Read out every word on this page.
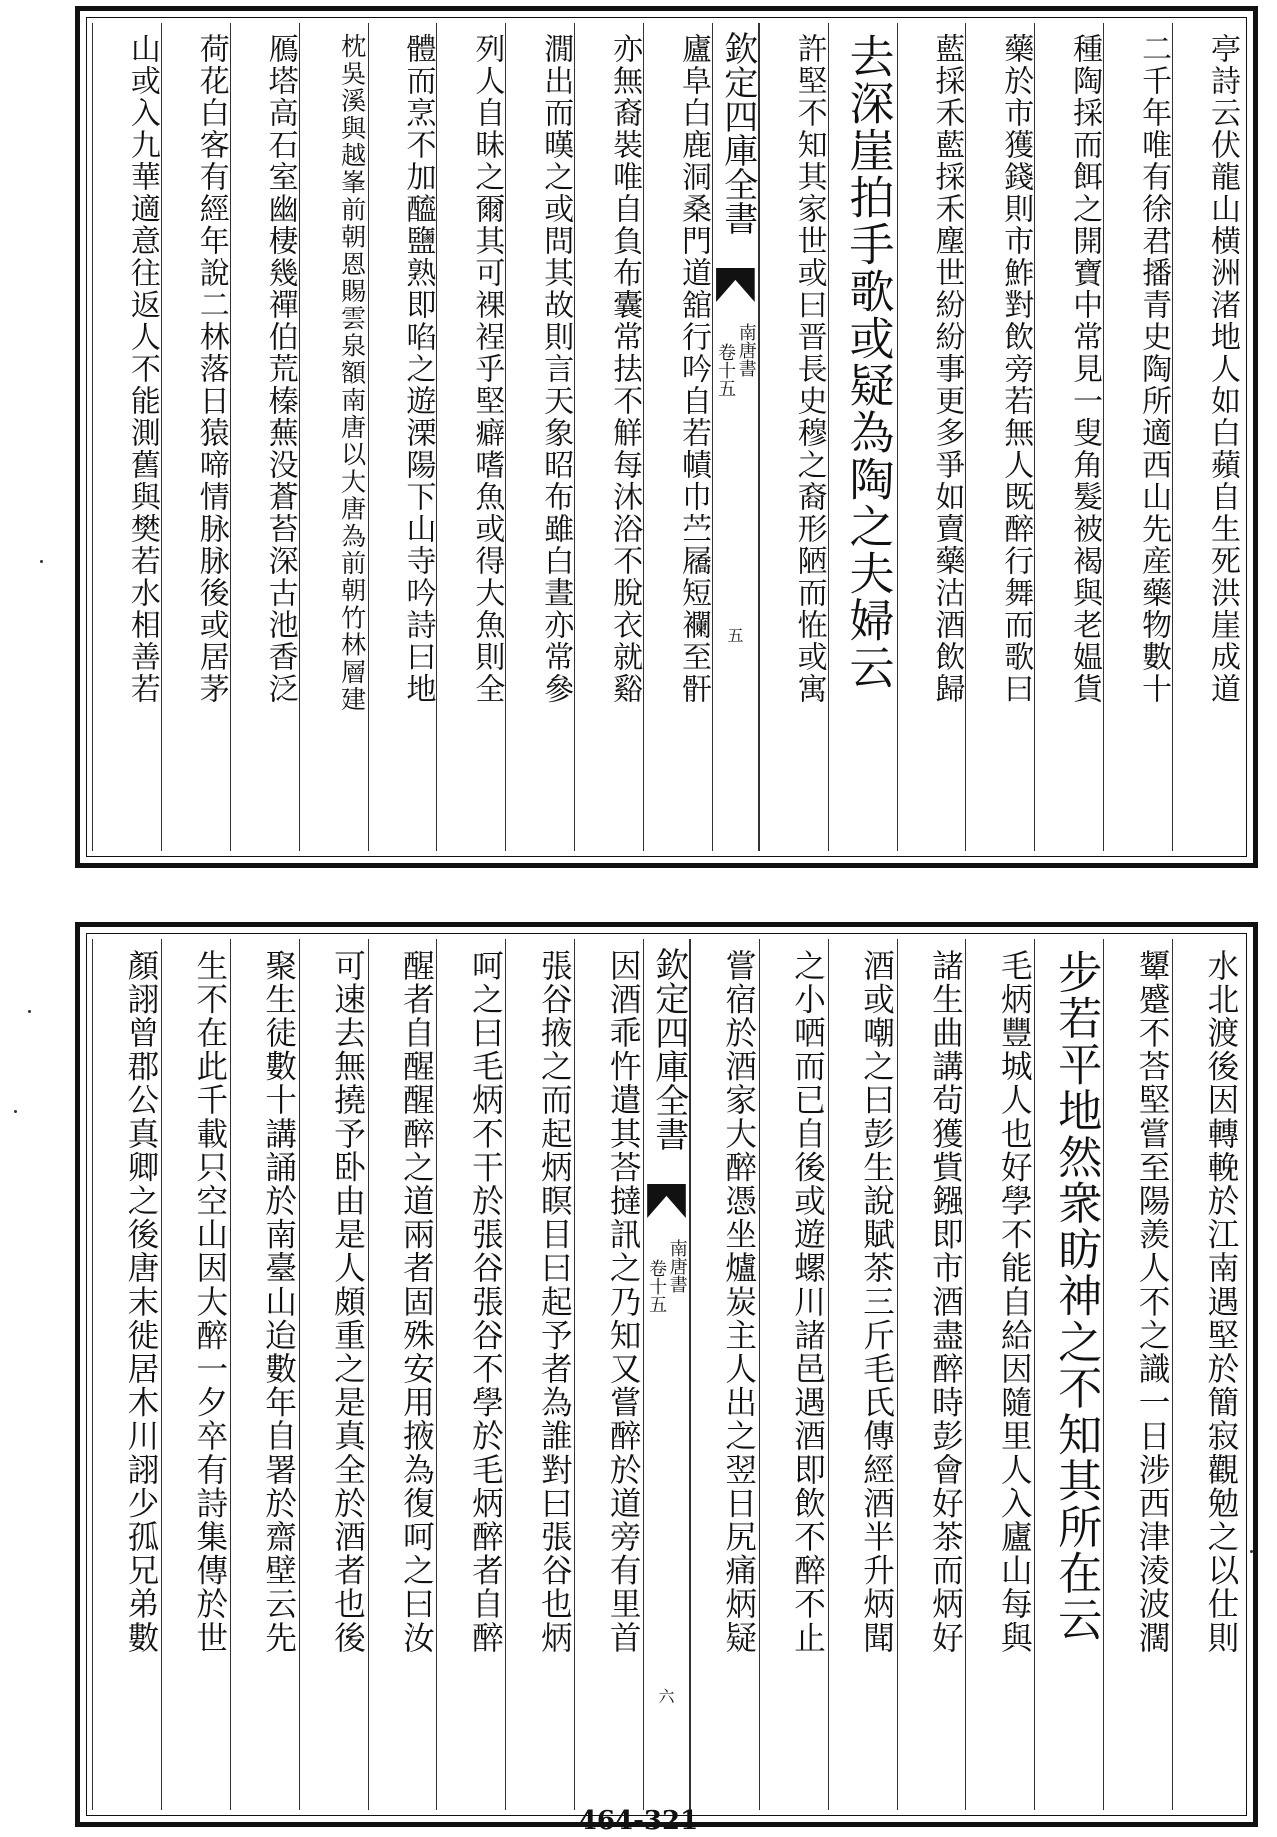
亭詩云伏龍山横洲渚地人如白蘋自生死洪崖成道
二千年唯有徐君播青史陶所適西山先産藥物數十
種陶採而餌之開寶中常見一叟角髮被褐與老媪貨
藥於市獲錢則市鮓對飲旁若無人既醉行舞而歌曰
藍採禾藍採禾塵世紛紛事更多爭如賣藥沽酒飲歸
去深崖拍手歌或疑為陶之夫婦云
許堅不知其家世或曰晋長史穆之裔形陋而恠或寓
欽定四庫全書
南唐書
卷十五
五
廬阜白鹿洞桑門道舘行吟自若幘巾苎屩短襴至骭
亦無裔裝唯自負布囊常抾不觧每沐浴不脫衣就谿
㵎出而暵之或問其故則言天象昭布雖白晝亦常參
列人自昧之爾其可裸裎乎堅癖嗜魚或得大魚則全
體而烹不加醯鹽熟即啗之遊溧陽下山寺吟詩曰地
枕吳溪與越峯前朝恩賜雲泉額南唐以大唐為前朝竹林層建
鴈塔高石室幽棲幾禪伯荒榛蕪没蒼苔深古池香泛
荷花白客有經年說二林落日猿啼情脉脉後或居茅
山或入九華適意往返人不能測舊與樊若水相善若
水北渡後因轉輓於江南遇堅於簡寂觀勉之以仕則
顰蹙不荅堅嘗至陽羨人不之識一日涉西津淩波濶
步若平地然衆眆神之不知其所在云
毛炳豐城人也好學不能自給因隨里人入廬山每與
諸生曲講茍獲貲鏹即市酒盡醉時彭會好茶而炳好
酒或嘲之曰彭生說賦茶三斤毛氏傳經酒半升炳聞
之小哂而已自後或遊螺川諸邑遇酒即飲不醉不止
嘗宿於酒家大醉憑坐爐炭主人出之翌日尻痛炳疑
欽定四庫全書
南唐書
卷十五
六
因酒乖忤遣其荅撻訊之乃知又嘗醉於道旁有里首
張谷掖之而起炳瞑目曰起予者為誰對曰張谷也炳
呵之曰毛炳不干於張谷張谷不學於毛炳醉者自醉
醒者自醒醒醉之道兩者固殊安用掖為復呵之曰汝
可速去無撓予卧由是人頗重之是真全於酒者也後
聚生徒數十講誦於南臺山迨數年自署於齋壁云先
生不在此千載只空山因大醉一夕卒有詩集傳於世
顏詡曾郡公真卿之後唐末徙居木川詡少孤兄弟數
464-321
